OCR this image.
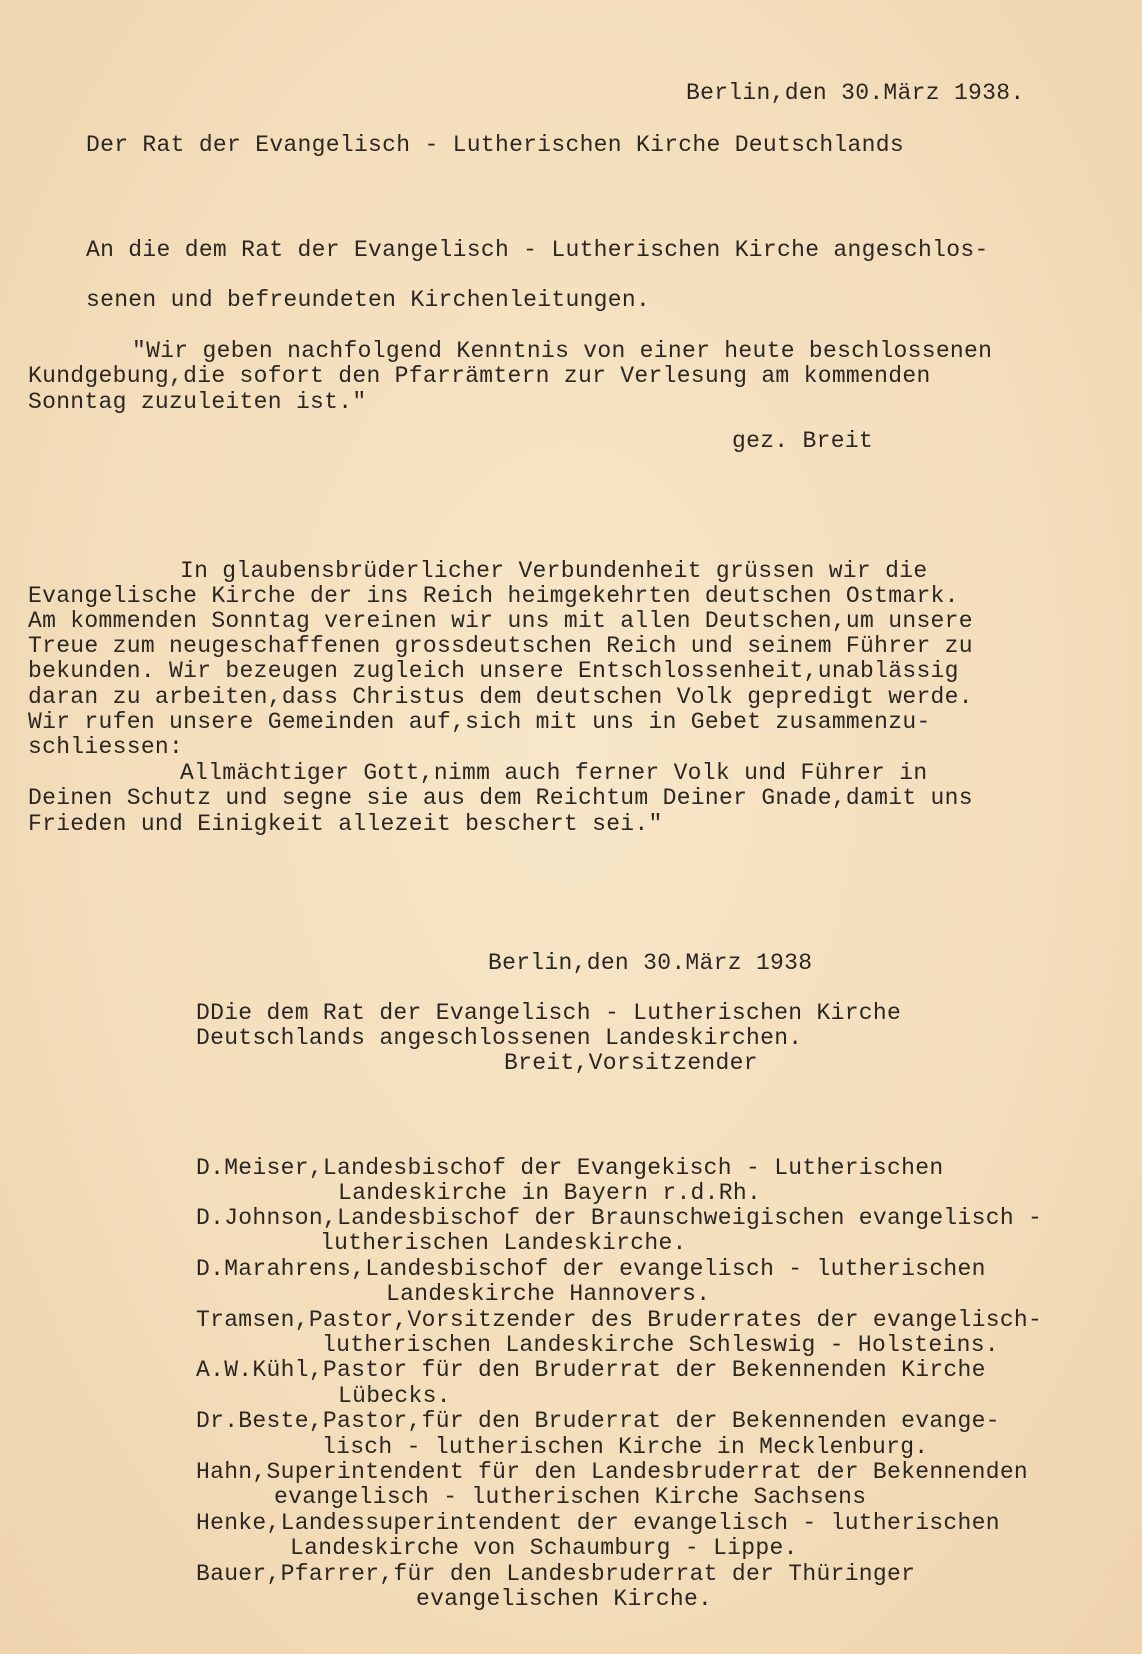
Berlin,den 30.März 1938.

Der Rat der Evangelisch - Lutherischen Kirche Deutschlands

An die dem Rat der Evangelisch - Lutherischen Kirche angeschlos-

senen und befreundeten Kirchenleitungen.

"Wir geben nachfolgend Kenntnis von einer heute beschlossenen

Kundgebung,die sofort den Pfarrämtern zur Verlesung am kommenden

Sonntag zuzuleiten ist."

gez. Breit

In glaubensbrüderlicher Verbundenheit grüssen wir die

Evangelische Kirche der ins Reich heimgekehrten deutschen Ostmark.

Am kommenden Sonntag vereinen wir uns mit allen Deutschen,um unsere

Treue zum neugeschaffenen grossdeutschen Reich und seinem Führer zu

bekunden. Wir bezeugen zugleich unsere Entschlossenheit,unablässig

daran zu arbeiten,dass Christus dem deutschen Volk gepredigt werde.

Wir rufen unsere Gemeinden auf,sich mit uns in Gebet zusammenzu-

schliessen:

Allmächtiger Gott,nimm auch ferner Volk und Führer in

Deinen Schutz und segne sie aus dem Reichtum Deiner Gnade,damit uns

Frieden und Einigkeit allezeit beschert sei."

Berlin,den 30.März 1938

DDie dem Rat der Evangelisch - Lutherischen Kirche

Deutschlands angeschlossenen Landeskirchen.

Breit,Vorsitzender

D.Meiser,Landesbischof der Evangekisch - Lutherischen

Landeskirche in Bayern r.d.Rh.

D.Johnson,Landesbischof der Braunschweigischen evangelisch -

lutherischen Landeskirche.

D.Marahrens,Landesbischof der evangelisch - lutherischen

Landeskirche Hannovers.

Tramsen,Pastor,Vorsitzender des Bruderrates der evangelisch-

lutherischen Landeskirche Schleswig - Holsteins.

A.W.Kühl,Pastor für den Bruderrat der Bekennenden Kirche

Lübecks.

Dr.Beste,Pastor,für den Bruderrat der Bekennenden evange-

lisch - lutherischen Kirche in Mecklenburg.

Hahn,Superintendent für den Landesbruderrat der Bekennenden

evangelisch - lutherischen Kirche Sachsens

Henke,Landessuperintendent der evangelisch - lutherischen

Landeskirche von Schaumburg - Lippe.

Bauer,Pfarrer,für den Landesbruderrat der Thüringer

evangelischen Kirche.
